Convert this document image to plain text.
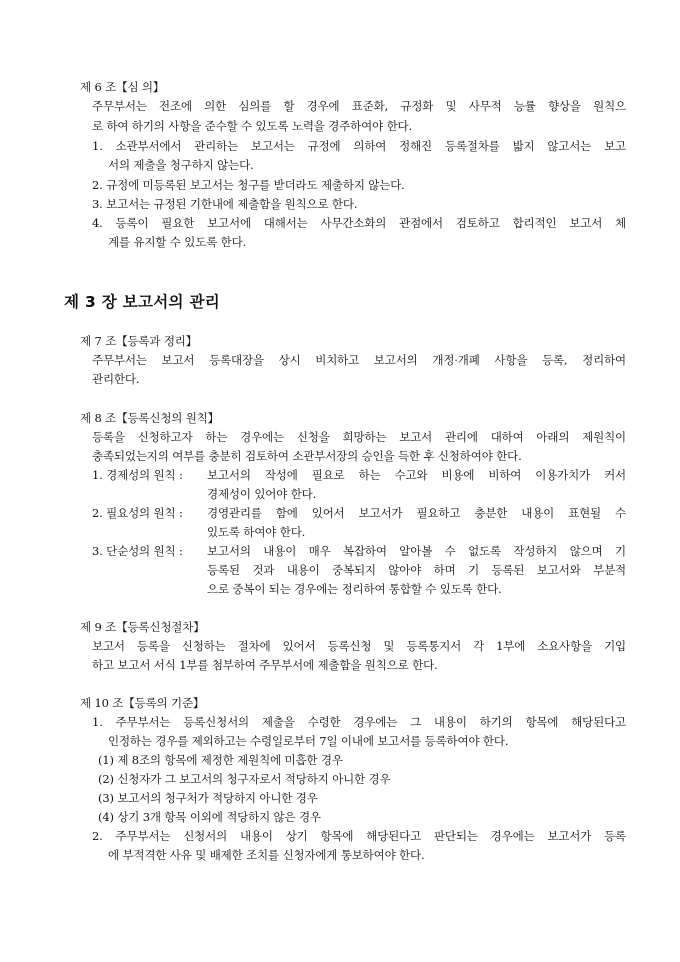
제 6 조【심 의】
주무부서는 전조에 의한 심의를 할 경우에 표준화, 규정화 및 사무적 능률 향상을 원칙으
로 하여 하기의 사항을 준수할 수 있도록 노력을 경주하여야 한다.
1. 소관부서에서 관리하는 보고서는 규정에 의하여 정해진 등록절차를 밟지 않고서는 보고
서의 제출을 청구하지 않는다.
2. 규정에 미등록된 보고서는 청구를 받더라도 제출하지 않는다.
3. 보고서는 규정된 기한내에 제출함을 원칙으로 한다.
4. 등록이 필요한 보고서에 대해서는 사무간소화의 관점에서 검토하고 합리적인 보고서 체
계를 유지할 수 있도록 한다.
제 3 장 보고서의 관리
제 7 조【등록과 정리】
주무부서는 보고서 등록대장을 상시 비치하고 보고서의 개정·개폐 사항을 등록, 정리하여
관리한다.
제 8 조【등록신청의 원칙】
등록을 신청하고자 하는 경우에는 신청을 희망하는 보고서 관리에 대하여 아래의 제원칙이
충족되었는지의 여부를 충분히 검토하여 소관부서장의 승인을 득한 후 신청하여야 한다.
1. 경제성의 원칙 : 보고서의 작성에 필요로 하는 수고와 비용에 비하여 이용가치가 커서
경제성이 있어야 한다.
2. 필요성의 원칙 : 경영관리를 함에 있어서 보고서가 필요하고 충분한 내용이 표현될 수
있도록 하여야 한다.
3. 단순성의 원칙 : 보고서의 내용이 매우 복잡하여 알아볼 수 없도록 작성하지 않으며 기
등록된 것과 내용이 중복되지 않아야 하며 기 등록된 보고서와 부분적
으로 중복이 되는 경우에는 정리하여 통합할 수 있도록 한다.
제 9 조【등록신청절차】
보고서 등록을 신청하는 절차에 있어서 등록신청 및 등록통지서 각 1부에 소요사항을 기입
하고 보고서 서식 1부를 첨부하여 주무부서에 제출함을 원칙으로 한다.
제 10 조【등록의 기준】
1. 주무부서는 등록신청서의 제출을 수령한 경우에는 그 내용이 하기의 항목에 해당된다고
인정하는 경우를 제외하고는 수령일로부터 7일 이내에 보고서를 등록하여야 한다.
(1) 제 8조의 항목에 제정한 제원칙에 미흡한 경우
(2) 신청자가 그 보고서의 청구자로서 적당하지 아니한 경우
(3) 보고서의 청구처가 적당하지 아니한 경우
(4) 상기 3개 항목 이외에 적당하지 않은 경우
2. 주무부서는 신청서의 내용이 상기 항목에 해당된다고 판단되는 경우에는 보고서가 등록
에 부적격한 사유 및 배제한 조치를 신청자에게 통보하여야 한다.
